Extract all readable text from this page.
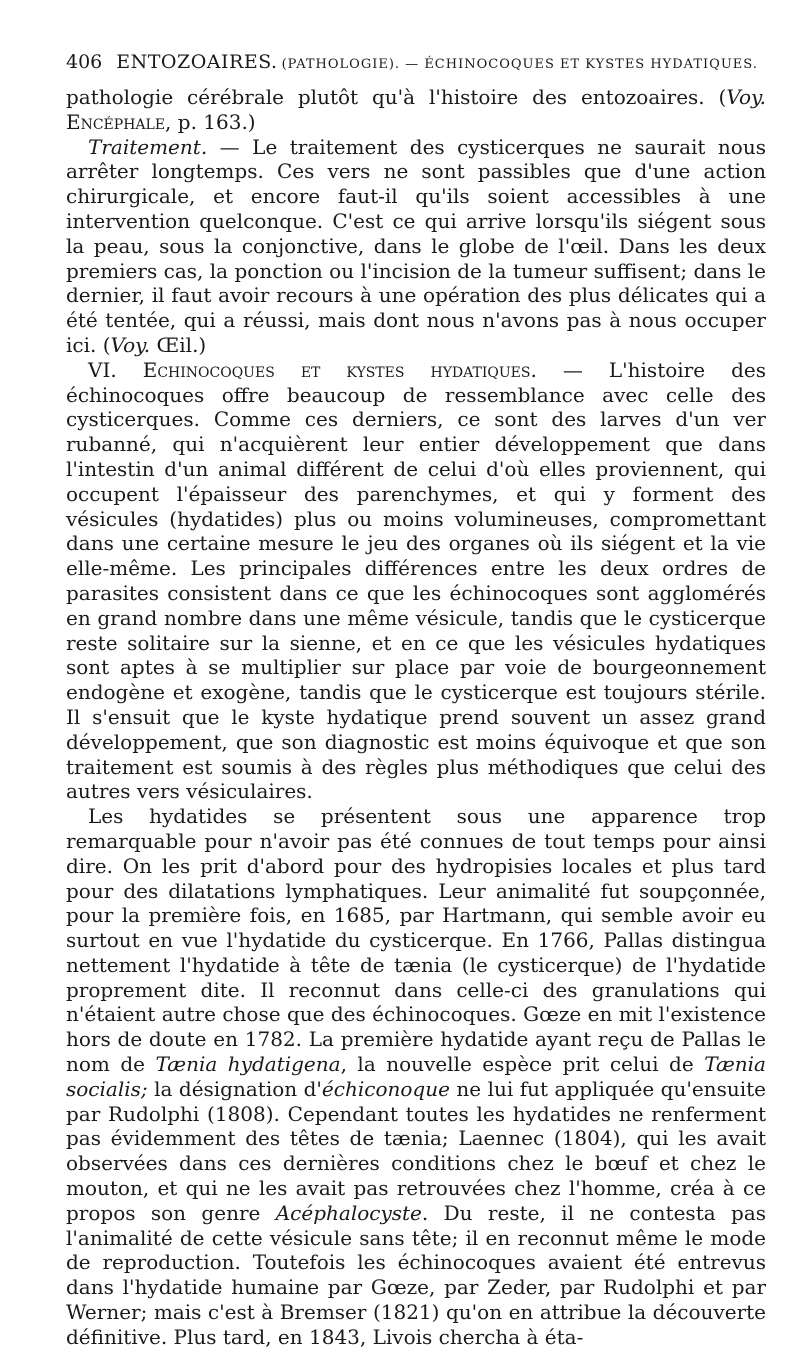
406 ENTOZOAIRES. (PATHOLOGIE). — ÉCHINOCOQUES ET KYSTES HYDATIQUES.

pathologie cérébrale plutôt qu'à l'histoire des entozoaires. (Voy. Encéphale, p. 163.)

Traitement. — Le traitement des cysticerques ne saurait nous arrêter longtemps. Ces vers ne sont passibles que d'une action chirurgicale, et encore faut-il qu'ils soient accessibles à une intervention quelconque. C'est ce qui arrive lorsqu'ils siégent sous la peau, sous la conjonctive, dans le globe de l'œil. Dans les deux premiers cas, la ponction ou l'incision de la tumeur suffisent; dans le dernier, il faut avoir recours à une opération des plus délicates qui a été tentée, qui a réussi, mais dont nous n'avons pas à nous occuper ici. (Voy. Œil.)

VI. Echinocoques et kystes hydatiques. — L'histoire des échinocoques offre beaucoup de ressemblance avec celle des cysticerques. Comme ces derniers, ce sont des larves d'un ver rubanné, qui n'acquièrent leur entier développement que dans l'intestin d'un animal différent de celui d'où elles proviennent, qui occupent l'épaisseur des parenchymes, et qui y forment des vésicules (hydatides) plus ou moins volumineuses, compromettant dans une certaine mesure le jeu des organes où ils siégent et la vie elle-même. Les principales différences entre les deux ordres de parasites consistent dans ce que les échinocoques sont agglomérés en grand nombre dans une même vésicule, tandis que le cysticerque reste solitaire sur la sienne, et en ce que les vésicules hydatiques sont aptes à se multiplier sur place par voie de bourgeonnement endogène et exogène, tandis que le cysticerque est toujours stérile. Il s'ensuit que le kyste hydatique prend souvent un assez grand développement, que son diagnostic est moins équivoque et que son traitement est soumis à des règles plus méthodiques que celui des autres vers vésiculaires.

Les hydatides se présentent sous une apparence trop remarquable pour n'avoir pas été connues de tout temps pour ainsi dire. On les prit d'abord pour des hydropisies locales et plus tard pour des dilatations lymphatiques. Leur animalité fut soupçonnée, pour la première fois, en 1685, par Hartmann, qui semble avoir eu surtout en vue l'hydatide du cysticerque. En 1766, Pallas distingua nettement l'hydatide à tête de tænia (le cysticerque) de l'hydatide proprement dite. Il reconnut dans celle-ci des granulations qui n'étaient autre chose que des échinocoques. Gœze en mit l'existence hors de doute en 1782. La première hydatide ayant reçu de Pallas le nom de Tænia hydatigena, la nouvelle espèce prit celui de Tænia socialis; la désignation d'échiconoque ne lui fut appliquée qu'ensuite par Rudolphi (1808). Cependant toutes les hydatides ne renferment pas évidemment des têtes de tænia; Laennec (1804), qui les avait observées dans ces dernières conditions chez le bœuf et chez le mouton, et qui ne les avait pas retrouvées chez l'homme, créa à ce propos son genre Acéphalocyste. Du reste, il ne contesta pas l'animalité de cette vésicule sans tête; il en reconnut même le mode de reproduction. Toutefois les échinocoques avaient été entrevus dans l'hydatide humaine par Gœze, par Zeder, par Rudolphi et par Werner; mais c'est à Bremser (1821) qu'on en attribue la découverte définitive. Plus tard, en 1843, Livois chercha à éta-
